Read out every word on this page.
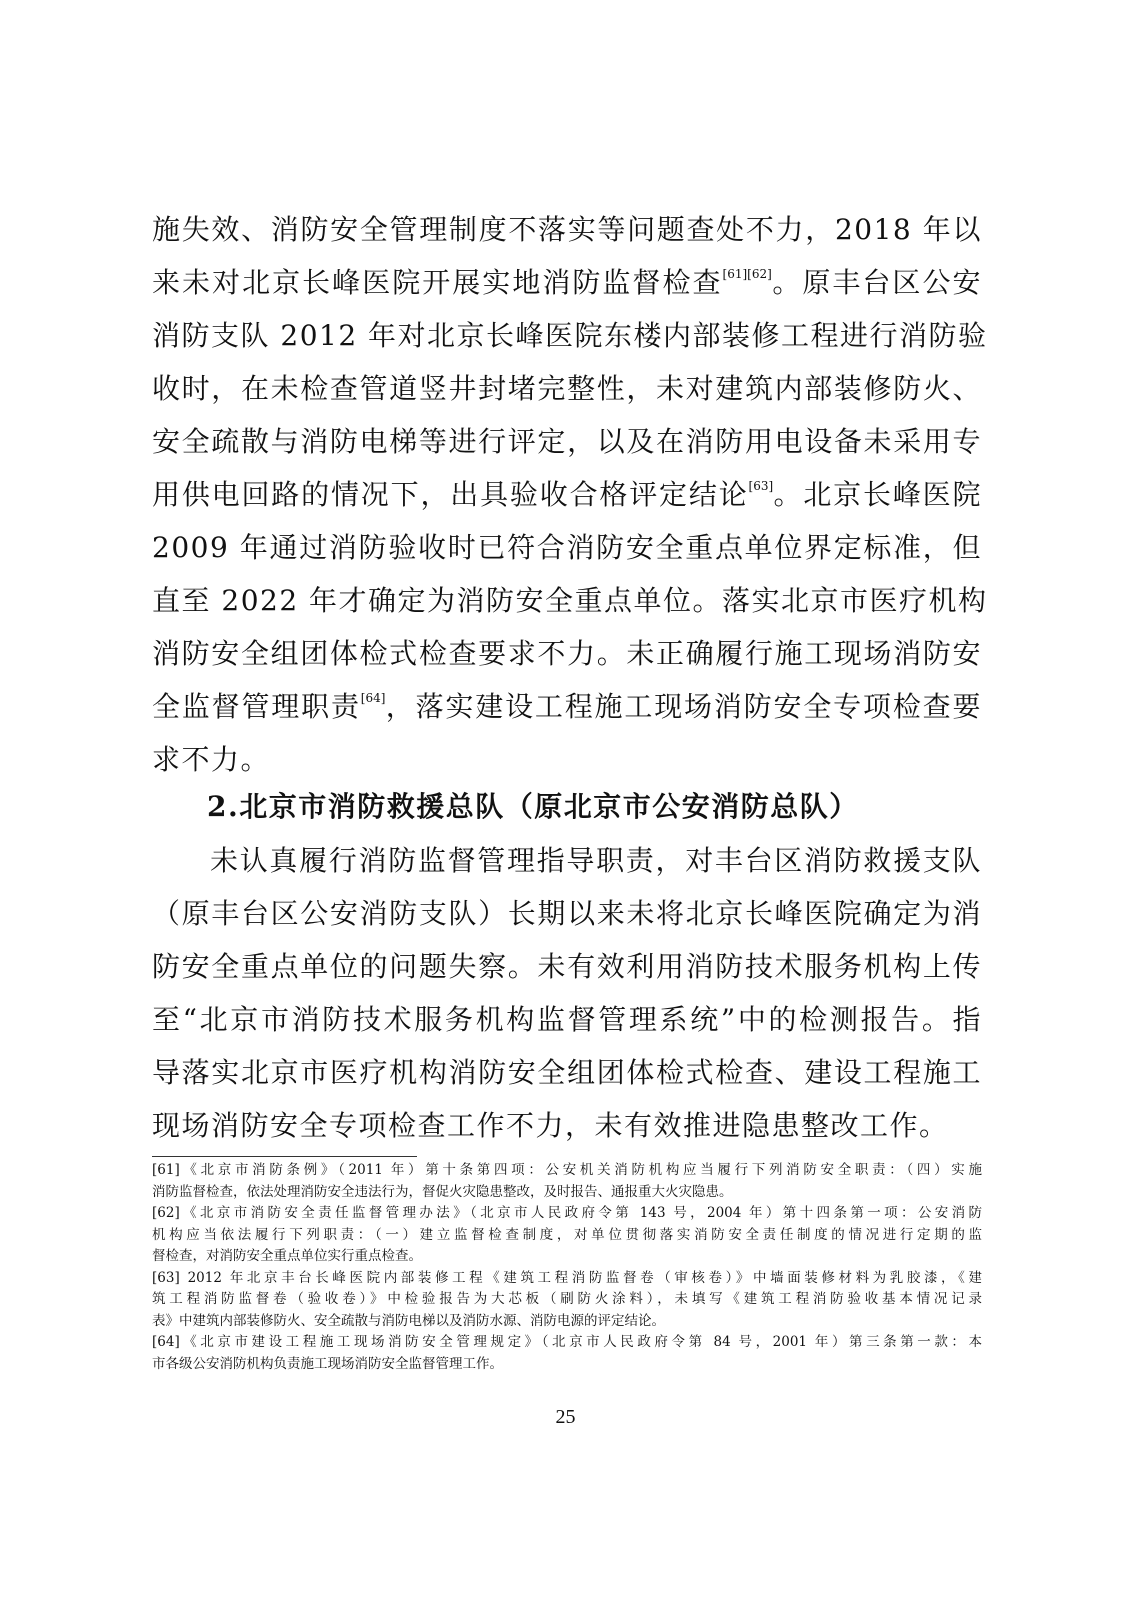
施失效、消防安全管理制度不落实等问题查处不力，2018 年以
来未对北京长峰医院开展实地消防监督检查[61][62]。原丰台区公安
消防支队 2012 年对北京长峰医院东楼内部装修工程进行消防验
收时，在未检查管道竖井封堵完整性，未对建筑内部装修防火、
安全疏散与消防电梯等进行评定，以及在消防用电设备未采用专
用供电回路的情况下，出具验收合格评定结论[63]。北京长峰医院
2009 年通过消防验收时已符合消防安全重点单位界定标准，但
直至 2022 年才确定为消防安全重点单位。落实北京市医疗机构
消防安全组团体检式检查要求不力。未正确履行施工现场消防安
全监督管理职责[64]，落实建设工程施工现场消防安全专项检查要
求不力。
2.北京市消防救援总队（原北京市公安消防总队）
未认真履行消防监督管理指导职责，对丰台区消防救援支队
（原丰台区公安消防支队）长期以来未将北京长峰医院确定为消
防安全重点单位的问题失察。未有效利用消防技术服务机构上传
至“北京市消防技术服务机构监督管理系统”中的检测报告。指
导落实北京市医疗机构消防安全组团体检式检查、建设工程施工
现场消防安全专项检查工作不力，未有效推进隐患整改工作。
[61]《北京市消防条例》（2011 年）第十条第四项：公安机关消防机构应当履行下列消防安全职责：（四）实施
消防监督检查，依法处理消防安全违法行为，督促火灾隐患整改，及时报告、通报重大火灾隐患。
[62]《北京市消防安全责任监督管理办法》（北京市人民政府令第 143 号，2004 年）第十四条第一项：公安消防
机构应当依法履行下列职责：（一）建立监督检查制度，对单位贯彻落实消防安全责任制度的情况进行定期的监
督检查，对消防安全重点单位实行重点检查。
[63] 2012 年北京丰台长峰医院内部装修工程《建筑工程消防监督卷（审核卷）》中墙面装修材料为乳胶漆，《建
筑工程消防监督卷（验收卷）》中检验报告为大芯板（刷防火涂料），未填写《建筑工程消防验收基本情况记录
表》中建筑内部装修防火、安全疏散与消防电梯以及消防水源、消防电源的评定结论。
[64]《北京市建设工程施工现场消防安全管理规定》（北京市人民政府令第 84 号，2001 年）第三条第一款：本
市各级公安消防机构负责施工现场消防安全监督管理工作。
25
